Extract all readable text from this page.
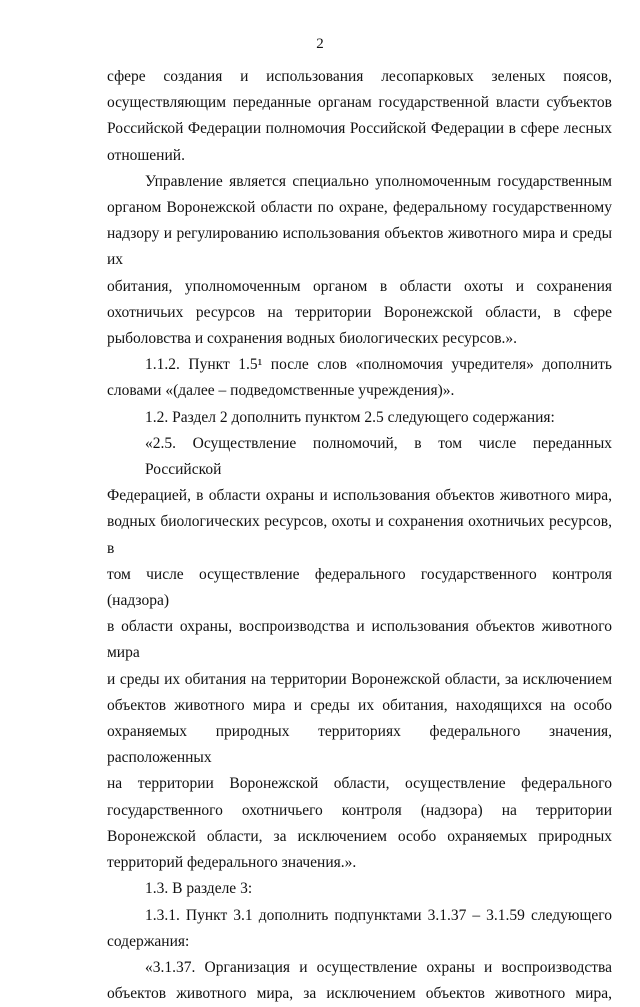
2
сфере создания и использования лесопарковых зеленых поясов,
осуществляющим переданные органам государственной власти субъектов
Российской Федерации полномочия Российской Федерации в сфере лесных
отношений.
Управление является специально уполномоченным государственным
органом Воронежской области по охране, федеральному государственному
надзору и регулированию использования объектов животного мира и среды их
обитания, уполномоченным органом в области охоты и сохранения
охотничьих ресурсов на территории Воронежской области, в сфере
рыболовства и сохранения водных биологических ресурсов.».
1.1.2. Пункт 1.5¹ после слов «полномочия учредителя» дополнить
словами «(далее – подведомственные учреждения)».
1.2. Раздел 2 дополнить пунктом 2.5 следующего содержания:
«2.5. Осуществление полномочий, в том числе переданных Российской
Федерацией, в области охраны и использования объектов животного мира,
водных биологических ресурсов, охоты и сохранения охотничьих ресурсов, в
том числе осуществление федерального государственного контроля (надзора)
в области охраны, воспроизводства и использования объектов животного мира
и среды их обитания на территории Воронежской области, за исключением
объектов животного мира и среды их обитания, находящихся на особо
охраняемых природных территориях федерального значения, расположенных
на территории Воронежской области, осуществление федерального
государственного охотничьего контроля (надзора) на территории
Воронежской области, за исключением особо охраняемых природных
территорий федерального значения.».
1.3. В разделе 3:
1.3.1. Пункт 3.1 дополнить подпунктами 3.1.37 – 3.1.59 следующего
содержания:
«3.1.37. Организация и осуществление охраны и воспроизводства
объектов животного мира, за исключением объектов животного мира,
